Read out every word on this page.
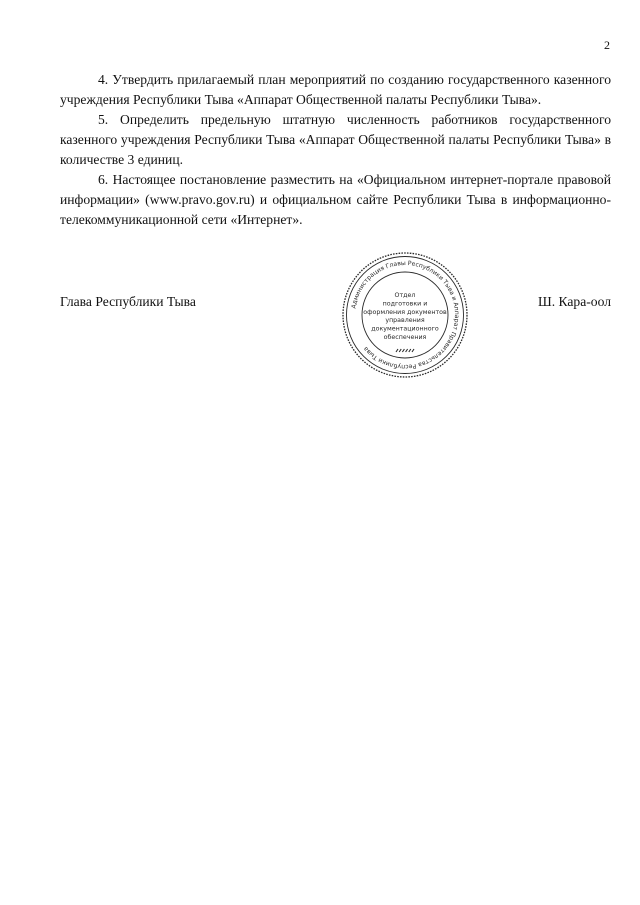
2

4. Утвердить прилагаемый план мероприятий по созданию государственного казенного учреждения Республики Тыва «Аппарат Общественной палаты Республики Тыва».

5. Определить предельную штатную численность работников государственного казенного учреждения Республики Тыва «Аппарат Общественной палаты Республики Тыва» в количестве 3 единиц.

6. Настоящее постановление разместить на «Официальном интернет-портале правовой информации» (www.pravo.gov.ru) и официальном сайте Республики Тыва в информационно-телекоммуникационной сети «Интернет».

Глава Республики Тыва	Ш. Кара-оол
Администрация Главы Республики Тыва и Аппарат Правительства Республики Тыва
Отдел
подготовки и
оформления документов
управления
документационного
обеспечения
